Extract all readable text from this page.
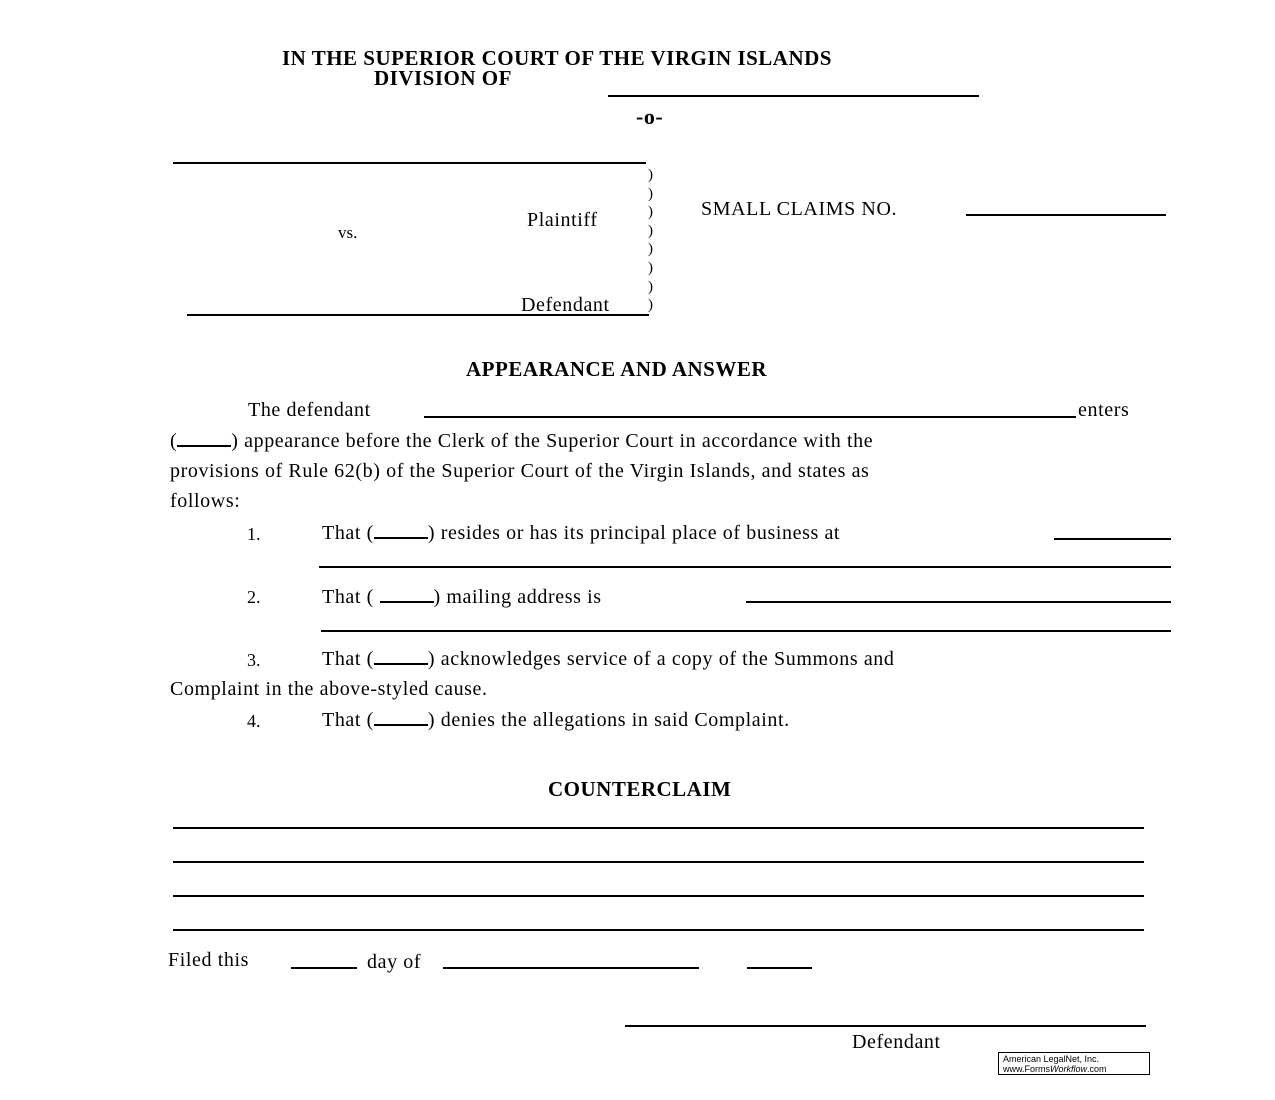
IN THE SUPERIOR COURT OF THE VIRGIN ISLANDS
DIVISION OF
-o-
Plaintiff
vs.
Defendant
)
)
)
)
)
)
)
)
SMALL CLAIMS NO.
APPEARANCE AND ANSWER
The defendant	enters
(	) appearance before the Clerk of the Superior Court in accordance with the
provisions of Rule 62(b) of the Superior Court of the Virgin Islands, and states as
follows:
1.	That (	) resides or has its principal place of business at
2.	That (	) mailing address is
3.	That (	) acknowledges service of a copy of the Summons and
Complaint in the above-styled cause.
4.	That (	) denies the allegations in said Complaint.
COUNTERCLAIM
Filed this	day of
Defendant
American LegalNet, Inc.
www.FormsWorkflow.com
